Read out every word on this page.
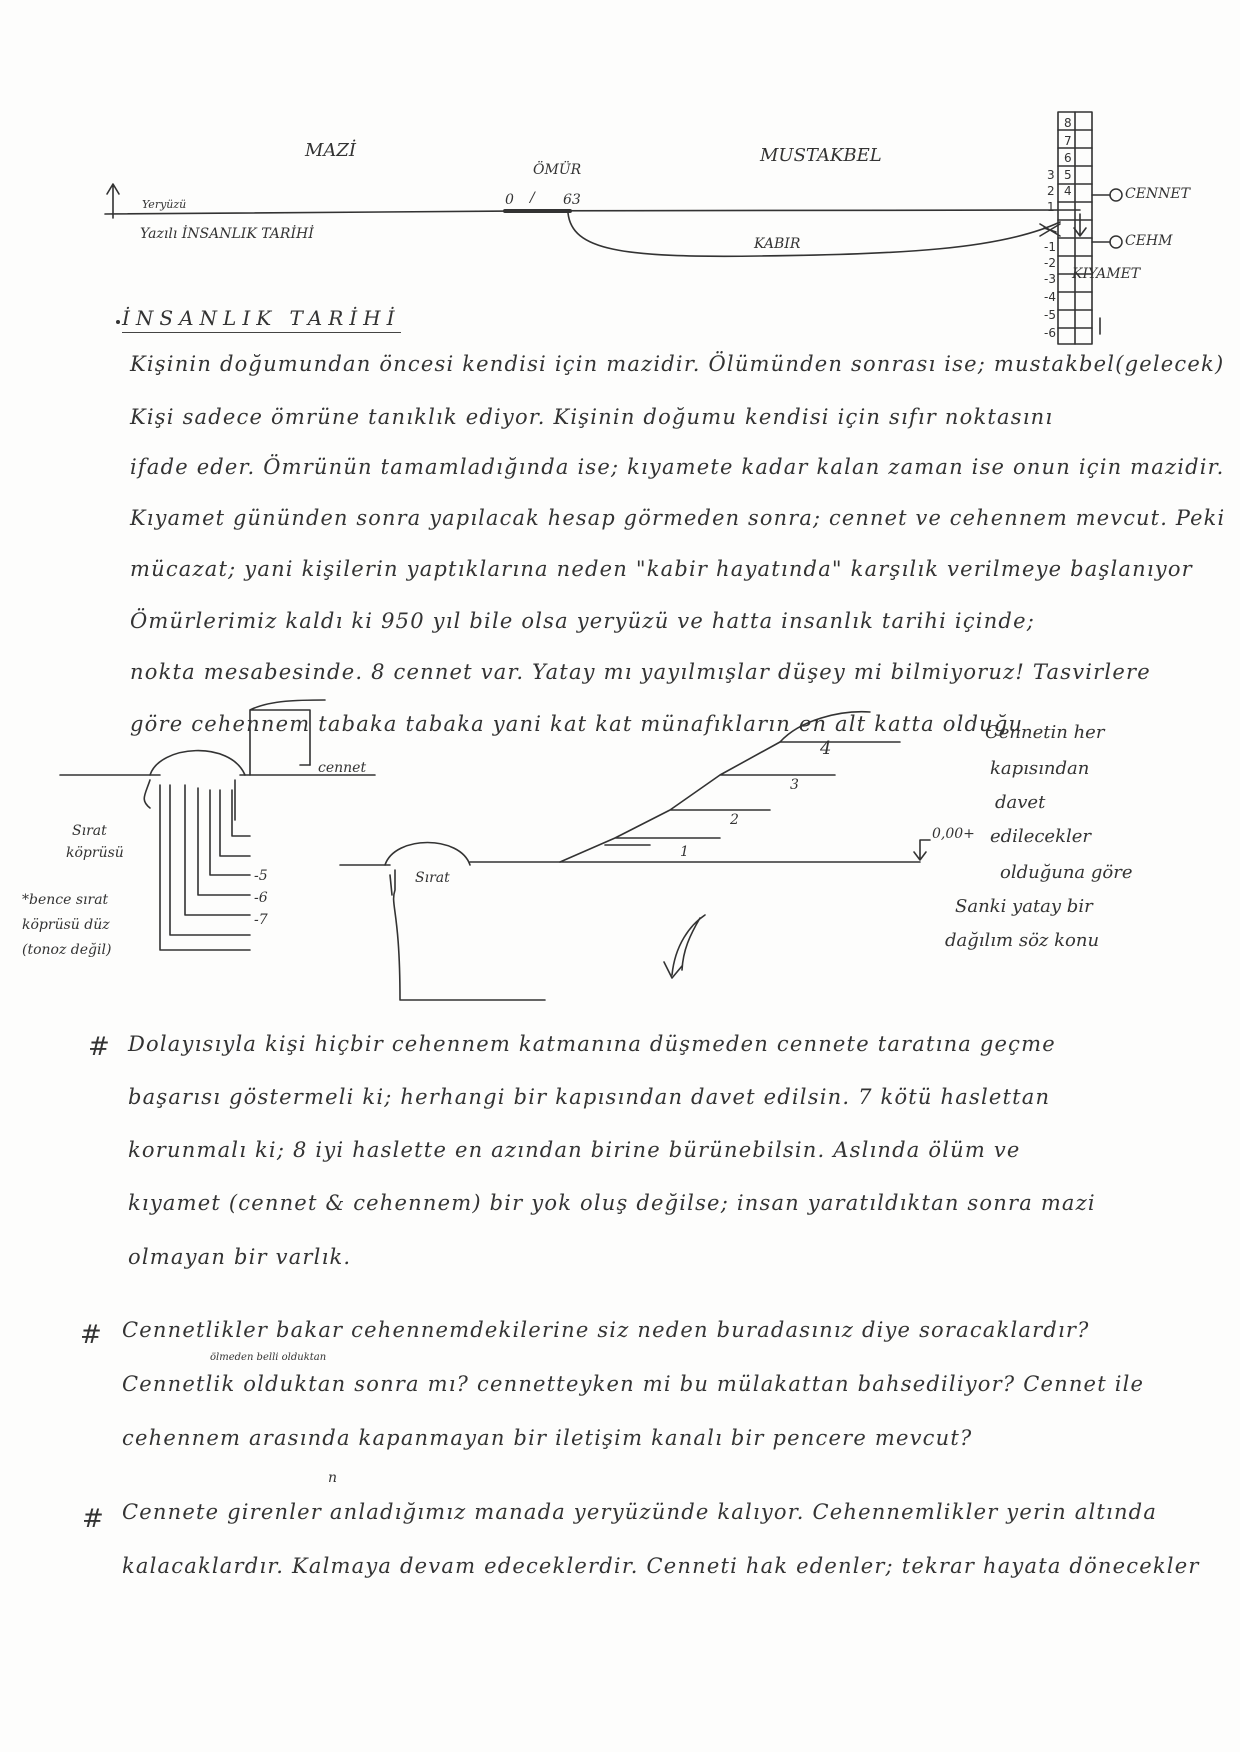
MAZİ	MUSTAKBEL
ÖMÜR
0 / 63
Yeryüzü
Yazılı İNSANLIK TARİHİ
KABIR
CENNET
CEHM
KIYAMET
8
7
6
5
4
3
2
1
-1
-2
-3
-4
-5
-6
İNSANLIK TARİHİ
Kişinin doğumundan öncesi kendisi için mazidir. Ölümünden sonrası ise; mustakbel(gelecek)
Kişi sadece ömrüne tanıklık ediyor. Kişinin doğumu kendisi için sıfır noktasını
ifade eder. Ömrünün tamamladığında ise; kıyamete kadar kalan zaman ise onun için mazidir.
Kıyamet gününden sonra yapılacak hesap görmeden sonra; cennet ve cehennem mevcut. Peki
mücazat; yani kişilerin yaptıklarına neden "kabir hayatında" karşılık verilmeye başlanıyor
Ömürlerimiz kaldı ki 950 yıl bile olsa yeryüzü ve hatta insanlık tarihi içinde;
nokta mesabesinde. 8 cennet var. Yatay mı yayılmışlar düşey mi bilmiyoruz! Tasvirlere
göre cehennem tabaka tabaka yani kat kat münafıkların en alt katta olduğu
cennet
Sırat
köprüsü
-5
-6
-7
*bence sırat
köprüsü düz
(tonoz değil)
Sırat
1
2
3
4
0,00+
Cennetin her
kapısından
davet
edilecekler
olduğuna göre
Sanki yatay bir
dağılım söz konu
# Dolayısıyla kişi hiçbir cehennem katmanına düşmeden cennete taratına geçme
başarısı göstermeli ki; herhangi bir kapısından davet edilsin. 7 kötü haslettan
korunmalı ki; 8 iyi haslette en azından birine bürünebilsin. Aslında ölüm ve
kıyamet (cennet & cehennem) bir yok oluş değilse; insan yaratıldıktan sonra mazi
olmayan bir varlık.
# Cennetlikler bakar cehennemdekilerine siz neden buradasınız diye soracaklardır?
ölmeden belli olduktan
Cennetlik olduktan sonra mı? cennetteyken mi bu mülakattan bahsediliyor? Cennet ile
cehennem arasında kapanmayan bir iletişim kanalı bir pencere mevcut?
#
n
Cennete girenler anladığımız manada yeryüzünde kalıyor. Cehennemlikler yerin altında
kalacaklardır. Kalmaya devam edeceklerdir. Cenneti hak edenler; tekrar hayata dönecekler
